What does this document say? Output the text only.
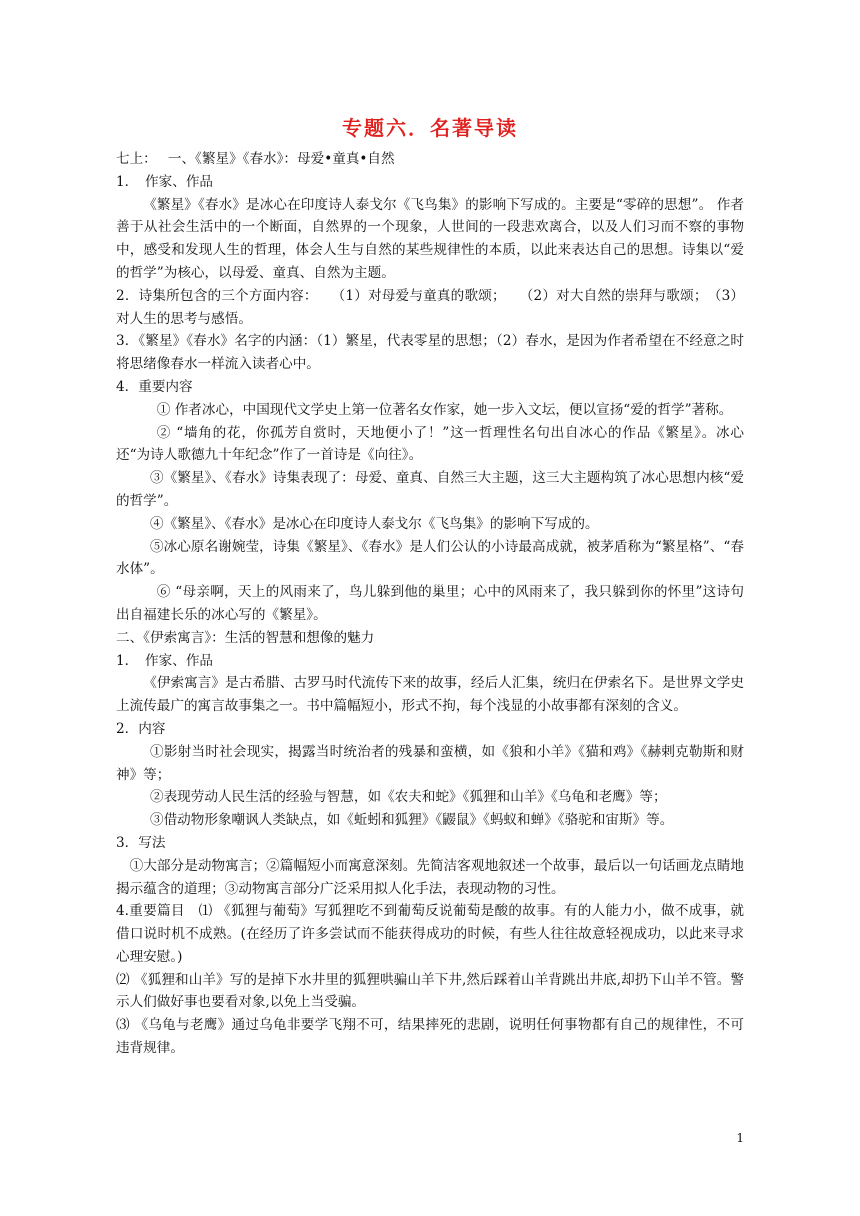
专题六．名著导读

七上：　 一、《繁星》《春水》：母爱•童真•自然

1．　作家、作品

《繁星》《春水》是冰心在印度诗人泰戈尔《飞鸟集》的影响下写成的。主要是“零碎的思想”。 作者善于从社会生活中的一个断面，自然界的一个现象，人世间的一段悲欢离合，以及人们习而不察的事物中，感受和发现人生的哲理，体会人生与自然的某些规律性的本质，以此来表达自己的思想。诗集以“爱的哲学”为核心，以母爱、童真、自然为主题。

2．诗集所包含的三个方面内容：　　（1）对母爱与童真的歌颂；　　（2）对大自然的崇拜与歌颂；　（3）对人生的思考与感悟。

3．《繁星》《春水》名字的内涵：（1）繁星，代表零星的思想；（2）春水，是因为作者希望在不经意之时将思绪像春水一样流入读者心中。

4．重要内容

① 作者冰心，中国现代文学史上第一位著名女作家，她一步入文坛，便以宣扬“爱的哲学”著称。

② “墙角的花，你孤芳自赏时，天地便小了！”这一哲理性名句出自冰心的作品《繁星》。冰心还“为诗人歌德九十年纪念”作了一首诗是《向往》。

③《繁星》、《春水》诗集表现了：母爱、童真、自然三大主题，这三大主题构筑了冰心思想内核“爱的哲学”。

④《繁星》、《春水》是冰心在印度诗人泰戈尔《飞鸟集》的影响下写成的。

⑤冰心原名谢婉莹，诗集《繁星》、《春水》是人们公认的小诗最高成就，被茅盾称为“繁星格”、“春水体”。

⑥ “母亲啊，天上的风雨来了，鸟儿躲到他的巢里；心中的风雨来了，我只躲到你的怀里”这诗句出自福建长乐的冰心写的《繁星》。

二、《伊索寓言》：生活的智慧和想像的魅力

1．　作家、作品

《伊索寓言》是古希腊、古罗马时代流传下来的故事，经后人汇集，统归在伊索名下。是世界文学史上流传最广的寓言故事集之一。书中篇幅短小，形式不拘，每个浅显的小故事都有深刻的含义。

2．内容

①影射当时社会现实，揭露当时统治者的残暴和蛮横，如《狼和小羊》《猫和鸡》《赫剌克勒斯和财神》等；

②表现劳动人民生活的经验与智慧，如《农夫和蛇》《狐狸和山羊》《乌龟和老鹰》等；

③借动物形象嘲讽人类缺点，如《蚯蚓和狐狸》《鼹鼠》《蚂蚁和蝉》《骆驼和宙斯》等。

3．写法

①大部分是动物寓言；②篇幅短小而寓意深刻。先简洁客观地叙述一个故事，最后以一句话画龙点睛地揭示蕴含的道理；③动物寓言部分广泛采用拟人化手法，表现动物的习性。

4.重要篇目　⑴ 《狐狸与葡萄》写狐狸吃不到葡萄反说葡萄是酸的故事。有的人能力小，做不成事，就借口说时机不成熟。(在经历了许多尝试而不能获得成功的时候，有些人往往故意轻视成功，以此来寻求心理安慰。)

⑵ 《狐狸和山羊》写的是掉下水井里的狐狸哄骗山羊下井,然后踩着山羊背跳出井底,却扔下山羊不管。警示人们做好事也要看对象,以免上当受骗。

⑶ 《乌龟与老鹰》通过乌龟非要学飞翔不可，结果摔死的悲剧，说明任何事物都有自己的规律性，不可违背规律。

1
